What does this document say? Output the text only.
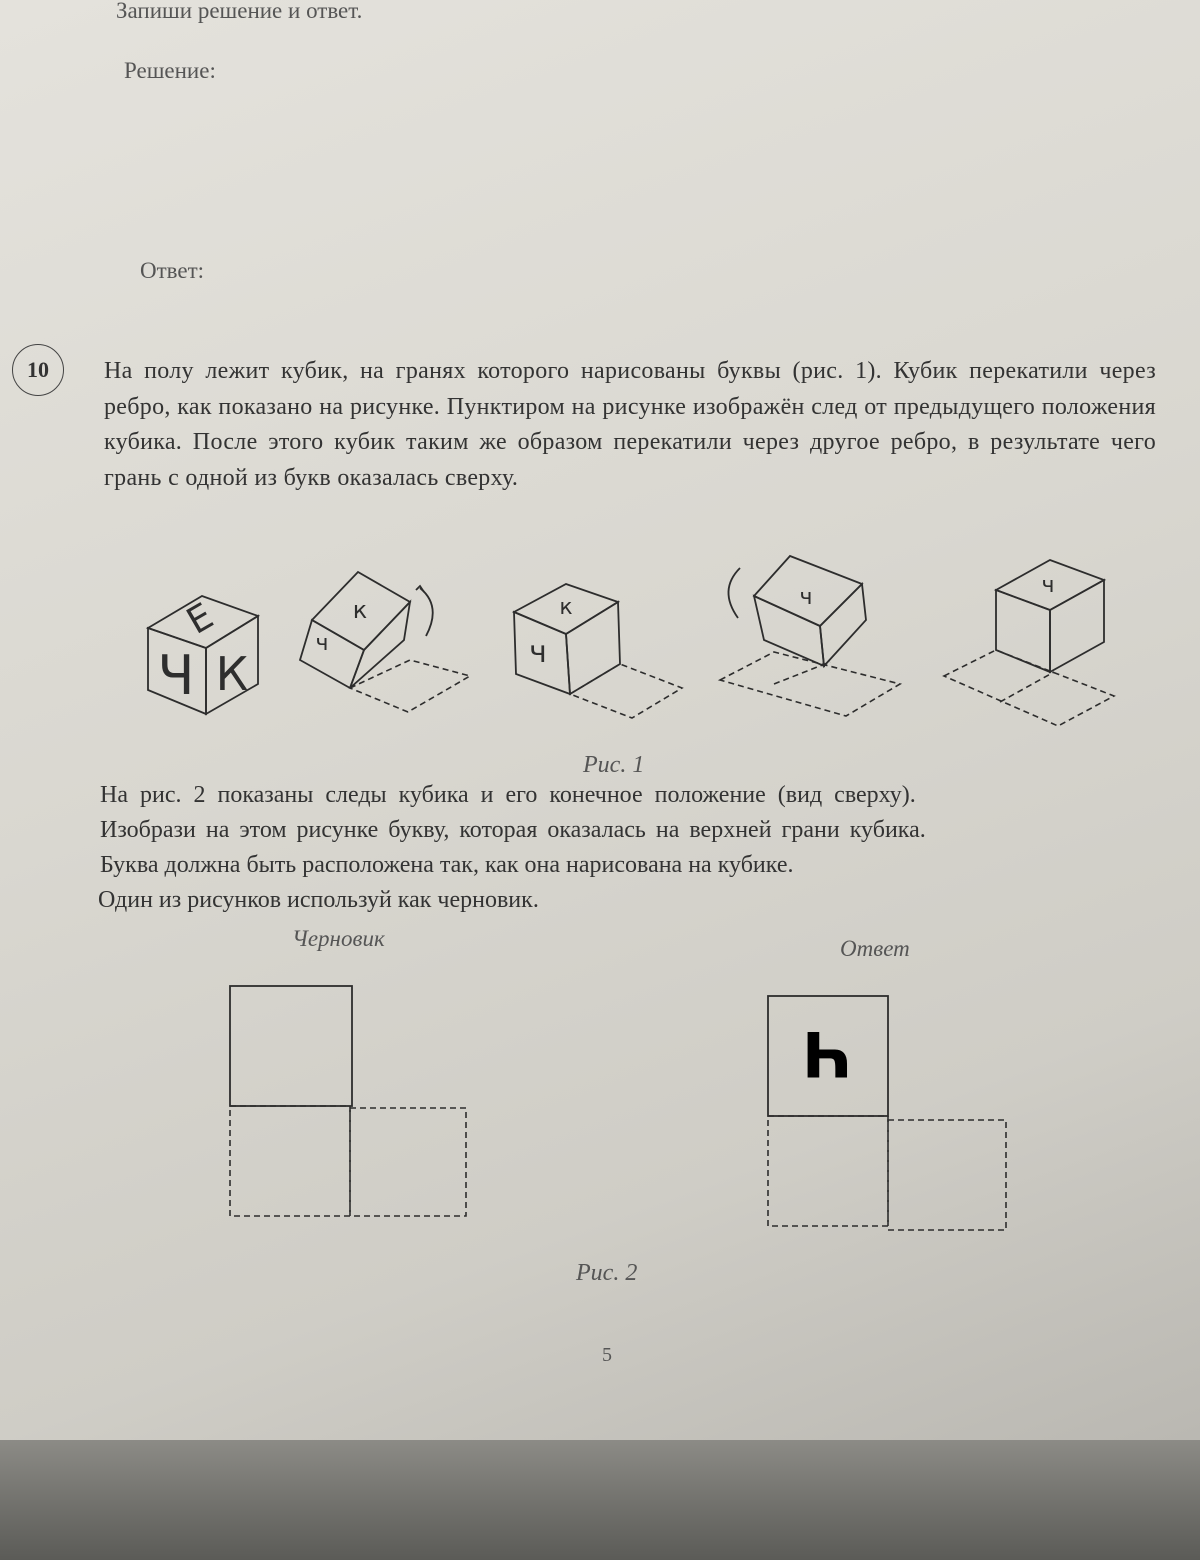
Запиши решение и ответ.
Решение:
Ответ:
10	На полу лежит кубик, на гранях которого нарисованы буквы (рис. 1). Кубик перекатили через ребро, как показано на рисунке. Пунктиром на рисунке изображён след от предыдущего положения кубика. После этого кубик таким же образом перекатили через другое ребро, в результате чего грань с одной из букв оказалась сверху.
Е
Ч К
к
ч
к
ч
ч	ч
Рис. 1
На рис. 2 показаны следы кубика и его конечное положение (вид сверху).
Изобрази на этом рисунке букву, которая оказалась на верхней грани кубика.
Буква должна быть расположена так, как она нарисована на кубике.
Один из рисунков используй как черновик.
Черновик	Ответ
Ч
Рис. 2
5
